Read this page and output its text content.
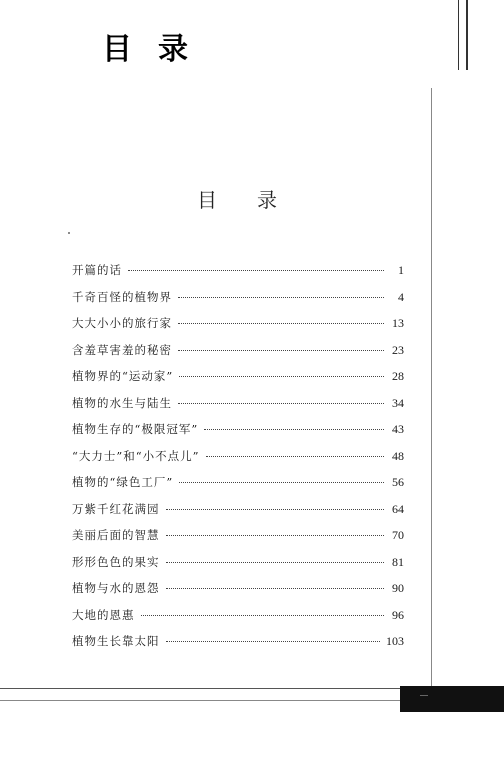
目录
目录
开篇的话	1
千奇百怪的植物界	4
大大小小的旅行家	13
含羞草害羞的秘密	23
植物界的“运动家”	28
植物的水生与陆生	34
植物生存的“极限冠军”	43
“大力士”和“小不点儿”	48
植物的“绿色工厂”	56
万紫千红花满园	64
美丽后面的智慧	70
形形色色的果实	81
植物与水的恩怨	90
大地的恩惠	96
植物生长靠太阳	103
